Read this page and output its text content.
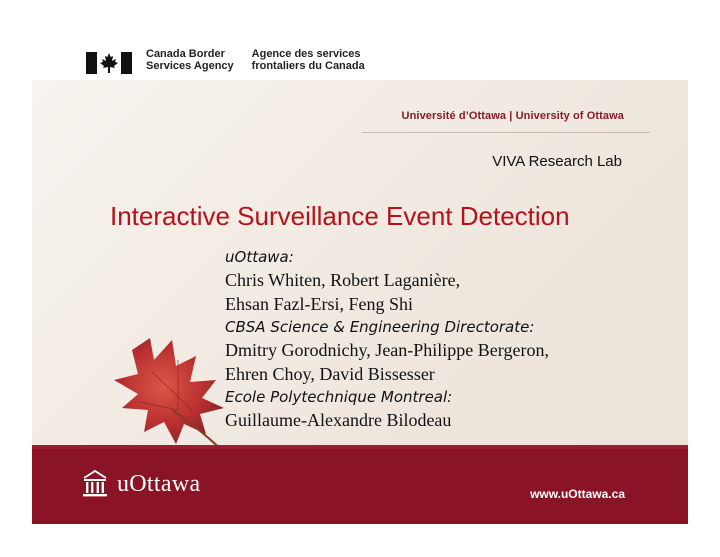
Canada Border
Services Agency
Agence des services
frontaliers du Canada
Université d’Ottawa | University of Ottawa
VIVA Research Lab
Interactive Surveillance Event Detection
uOttawa:
Chris Whiten, Robert Laganière,
Ehsan Fazl-Ersi, Feng Shi
CBSA Science & Engineering Directorate:
Dmitry Gorodnichy, Jean-Philippe Bergeron,
Ehren Choy, David Bissesser
Ecole Polytechnique Montreal:
Guillaume-Alexandre Bilodeau
uOttawa	www.uOttawa.ca
